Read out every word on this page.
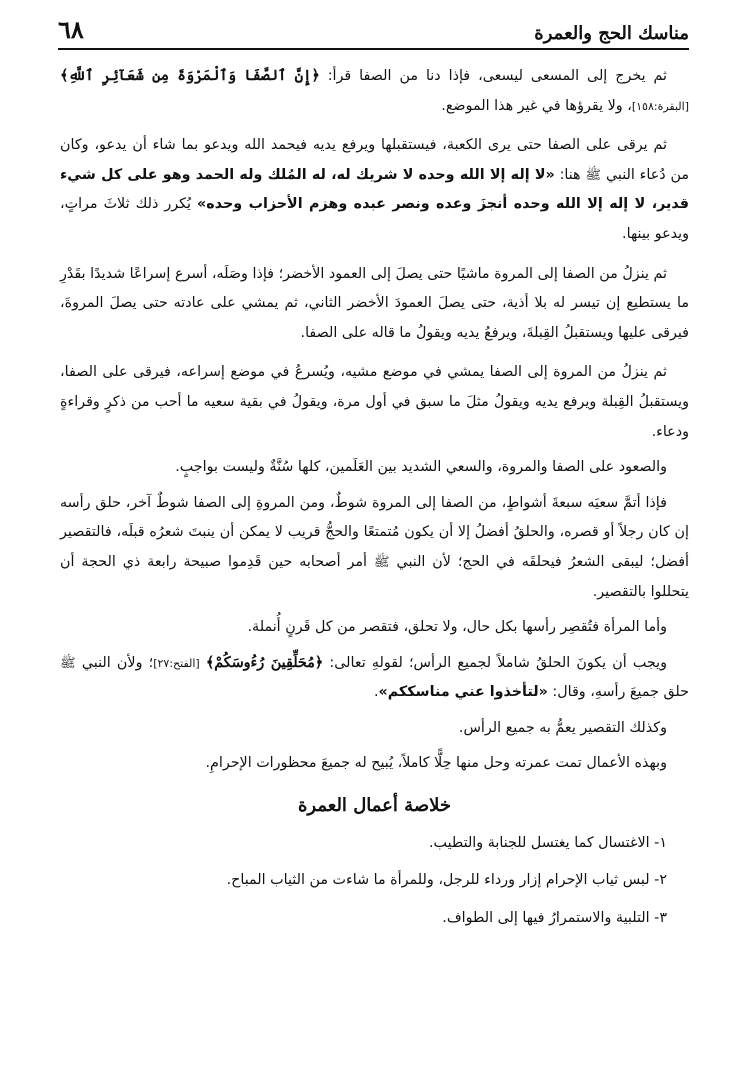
مناسك الحج والعمرة
٦٨

ثم يخرج إلى المسعى ليسعى، فإذا دنا من الصفا قرأ: ﴿إِنَّ ٱلصَّفَا وَٱلْمَرْوَةَ مِن شَعَآئِرِ ٱللَّهِ﴾ [البقرة:١٥٨]، ولا يقرؤها في غير هذا الموضع.

ثم يرقى على الصفا حتى يرى الكعبة، فيستقبلها ويرفع يديه فيحمد الله ويدعو بما شاء أن يدعو، وكان من دُعاء النبي ﷺ هنا: «لا إله إلا الله وحده لا شريك له، له المُلك وله الحمد وهو على كل شيء قدير، لا إله إلا الله وحده أنجزَ وعده ونصر عبده وهزم الأحزاب وحده» يُكرر ذلك ثلاثَ مراتٍ، ويدعو بينها.

ثم ينزلُ من الصفا إلى المروة ماشيًا حتى يصلَ إلى العمود الأخضر؛ فإذا وصَلَه، أسرع إسراعًا شديدًا بقَدْرِ ما يستطيع إن تيسر له بلا أذية، حتى يصلَ العمودَ الأخضر الثاني، ثم يمشي على عادته حتى يصلَ المروةَ، فيرقى عليها ويستقبلُ القِبلةَ، ويرفعُ يديه ويقولُ ما قاله على الصفا.

ثم ينزلُ من المروة إلى الصفا يمشي في موضع مشيه، ويُسرعُ في موضع إسراعه، فيرقى على الصفا، ويستقبلُ القِبلة ويرفع يديه ويقولُ مثلَ ما سبق في أول مرة، ويقولُ في بقية سعيه ما أحب من ذكرٍ وقراءةٍ ودعاء.

والصعود على الصفا والمروة، والسعي الشديد بين العَلَمين، كلها سُنَّةٌ وليست بواجبٍ.

فإذا أتمَّ سعيَه سبعةَ أشواطٍ، من الصفا إلى المروة شوطٌ، ومن المروةِ إلى الصفا شوطٌ آخر، حلق رأسه إن كان رجلاً أو قصره، والحلقُ أفضلُ إلا أن يكون مُتمتعًا والحجُّ قريب لا يمكن أن ينبتَ شعرُه قبلَه، فالتقصير أفضل؛ ليبقى الشعرُ فيحلقَه في الحج؛ لأن النبي ﷺ أمر أصحابه حين قَدِموا صبيحة رابعة ذي الحجة أن يتحللوا بالتقصير.

وأما المرأة فتُقصِر رأسها بكل حال، ولا تحلق، فتقصر من كل قَرنٍ أُنملة.

ويجب أن يكونَ الحلقُ شاملاً لجميع الرأس؛ لقولهِ تعالى: ﴿مُحَلِّقِينَ رُءُوسَكُمْ﴾ [الفتح:٢٧]؛ ولأن النبي ﷺ حلق جميعَ رأسهِ، وقال: «لتأخذوا عني مناسككم».

وكذلك التقصير يعمُّ به جميع الرأس.

وبهذه الأعمال تمت عمرته وحل منها حِلًّا كاملاً، يُبيح له جميعَ محظورات الإحرامِ.

خلاصة أعمال العمرة

١- الاغتسال كما يغتسل للجنابة والتطيب.

٢- لبس ثياب الإحرام إزار ورداء للرجل، وللمرأة ما شاءت من الثياب المباح.

٣- التلبية والاستمرارُ فيها إلى الطواف.
